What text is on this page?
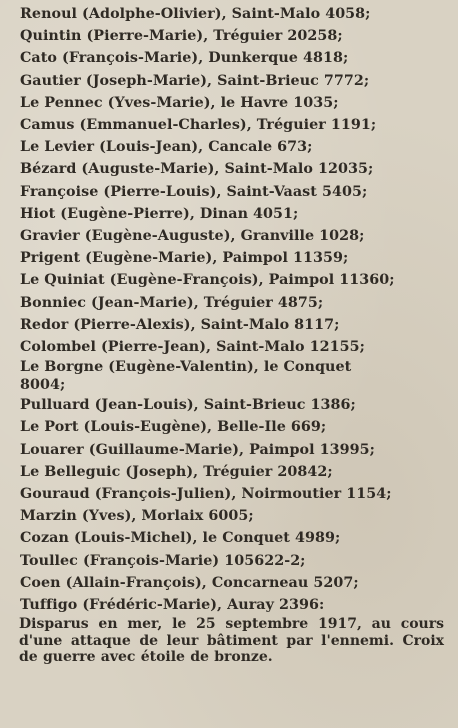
Renoul (Adolphe-Olivier), Saint-Malo 4058;
Quintin (Pierre-Marie), Tréguier 20258;
Cato (François-Marie), Dunkerque 4818;
Gautier (Joseph-Marie), Saint-Brieuc 7772;
Le Pennec (Yves-Marie), le Havre 1035;
Camus (Emmanuel-Charles), Tréguier 1191;
Le Levier (Louis-Jean), Cancale 673;
Bézard (Auguste-Marie), Saint-Malo 12035;
Françoise (Pierre-Louis), Saint-Vaast 5405;
Hiot (Eugène-Pierre), Dinan 4051;
Gravier (Eugène-Auguste), Granville 1028;
Prigent (Eugène-Marie), Paimpol 11359;
Le Quiniat (Eugène-François), Paimpol 11360;
Bonniec (Jean-Marie), Tréguier 4875;
Redor (Pierre-Alexis), Saint-Malo 8117;
Colombel (Pierre-Jean), Saint-Malo 12155;
Le Borgne (Eugène-Valentin), le Conquet
8004;
Pulluard (Jean-Louis), Saint-Brieuc 1386;
Le Port (Louis-Eugène), Belle-Ile 669;
Louarer (Guillaume-Marie), Paimpol 13995;
Le Belleguic (Joseph), Tréguier 20842;
Gouraud (François-Julien), Noirmoutier 1154;
Marzin (Yves), Morlaix 6005;
Cozan (Louis-Michel), le Conquet 4989;
Toullec (François-Marie) 105622-2;
Coen (Allain-François), Concarneau 5207;
Tuffigo (Frédéric-Marie), Auray 2396:

Disparus en mer, le 25 septembre 1917, au cours d'une attaque de leur bâtiment par l'ennemi. Croix de guerre avec étoile de bronze.
